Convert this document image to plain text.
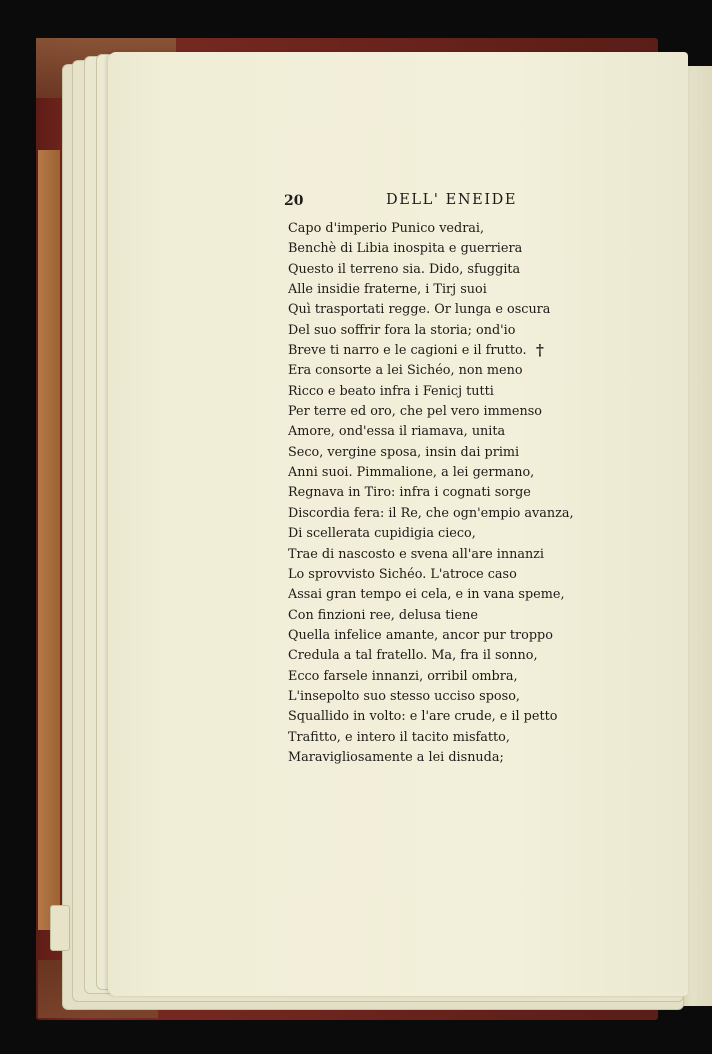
20	DELL' ENEIDE
Capo d'imperio Punico vedrai,
Benchè di Libia inospita e guerriera
Questo il terreno sia. Dido, sfuggita
Alle insidie fraterne, i Tirj suoi
Quì trasportati regge. Or lunga e oscura
Del suo soffrir fora la storia; ond'io
Breve ti narro e le cagioni e il frutto.
Era consorte a lei Sichéo, non meno
Ricco e beato infra i Fenicj tutti
Per terre ed oro, che pel vero immenso
Amore, ond'essa il riamava, unita
Seco, vergine sposa, insin dai primi
Anni suoi. Pimmalione, a lei germano,
Regnava in Tiro: infra i cognati sorge
Discordia fera: il Re, che ogn'empio avanza,
Di scellerata cupidigia cieco,
Trae di nascosto e svena all'are innanzi
Lo sprovvisto Sichéo. L'atroce caso
Assai gran tempo ei cela, e in vana speme,
Con finzioni ree, delusa tiene
Quella infelice amante, ancor pur troppo
Credula a tal fratello. Ma, fra il sonno,
Ecco farsele innanzi, orribil ombra,
L'insepolto suo stesso ucciso sposo,
Squallido in volto: e l'are crude, e il petto
Trafitto, e intero il tacito misfatto,
Maravigliosamente a lei disnuda;
†
